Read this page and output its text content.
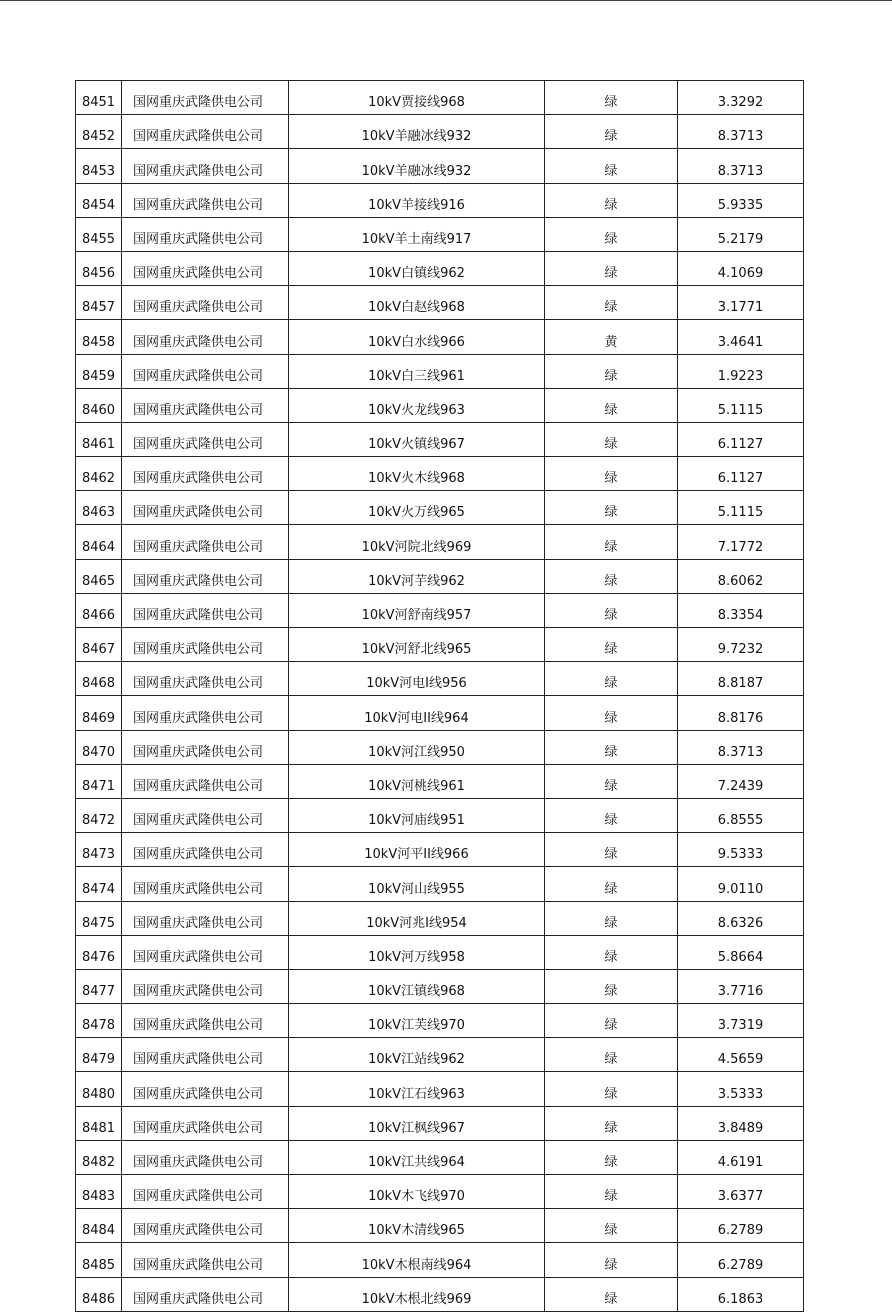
8451	国网重庆武隆供电公司	10kV贾接线968	绿	3.3292
8452	国网重庆武隆供电公司	10kV羊融冰线932	绿	8.3713
8453	国网重庆武隆供电公司	10kV羊融冰线932	绿	8.3713
8454	国网重庆武隆供电公司	10kV羊接线916	绿	5.9335
8455	国网重庆武隆供电公司	10kV羊土南线917	绿	5.2179
8456	国网重庆武隆供电公司	10kV白镇线962	绿	4.1069
8457	国网重庆武隆供电公司	10kV白赵线968	绿	3.1771
8458	国网重庆武隆供电公司	10kV白水线966	黄	3.4641
8459	国网重庆武隆供电公司	10kV白三线961	绿	1.9223
8460	国网重庆武隆供电公司	10kV火龙线963	绿	5.1115
8461	国网重庆武隆供电公司	10kV火镇线967	绿	6.1127
8462	国网重庆武隆供电公司	10kV火木线968	绿	6.1127
8463	国网重庆武隆供电公司	10kV火万线965	绿	5.1115
8464	国网重庆武隆供电公司	10kV河院北线969	绿	7.1772
8465	国网重庆武隆供电公司	10kV河芋线962	绿	8.6062
8466	国网重庆武隆供电公司	10kV河舒南线957	绿	8.3354
8467	国网重庆武隆供电公司	10kV河舒北线965	绿	9.7232
8468	国网重庆武隆供电公司	10kV河电I线956	绿	8.8187
8469	国网重庆武隆供电公司	10kV河电II线964	绿	8.8176
8470	国网重庆武隆供电公司	10kV河江线950	绿	8.3713
8471	国网重庆武隆供电公司	10kV河桃线961	绿	7.2439
8472	国网重庆武隆供电公司	10kV河庙线951	绿	6.8555
8473	国网重庆武隆供电公司	10kV河平II线966	绿	9.5333
8474	国网重庆武隆供电公司	10kV河山线955	绿	9.0110
8475	国网重庆武隆供电公司	10kV河兆I线954	绿	8.6326
8476	国网重庆武隆供电公司	10kV河万线958	绿	5.8664
8477	国网重庆武隆供电公司	10kV江镇线968	绿	3.7716
8478	国网重庆武隆供电公司	10kV江芙线970	绿	3.7319
8479	国网重庆武隆供电公司	10kV江站线962	绿	4.5659
8480	国网重庆武隆供电公司	10kV江石线963	绿	3.5333
8481	国网重庆武隆供电公司	10kV江枫线967	绿	3.8489
8482	国网重庆武隆供电公司	10kV江共线964	绿	4.6191
8483	国网重庆武隆供电公司	10kV木飞线970	绿	3.6377
8484	国网重庆武隆供电公司	10kV木清线965	绿	6.2789
8485	国网重庆武隆供电公司	10kV木根南线964	绿	6.2789
8486	国网重庆武隆供电公司	10kV木根北线969	绿	6.1863
